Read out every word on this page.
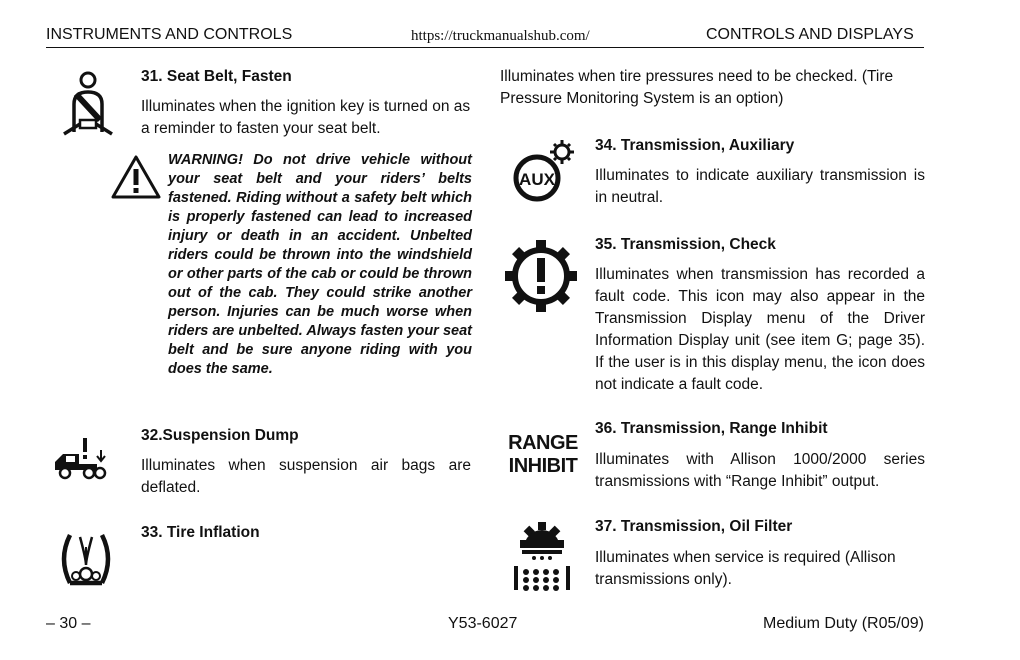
INSTRUMENTS AND CONTROLS	https://truckmanualshub.com/	CONTROLS AND DISPLAYS
31. Seat Belt, Fasten
Illuminates when the ignition key is turned on as a reminder to fasten your seat belt.
WARNING! Do not drive vehicle without your seat belt and your riders’ belts fastened. Riding without a safety belt which is properly fastened can lead to increased injury or death in an accident. Unbelted riders could be thrown into the windshield or other parts of the cab or could be thrown out of the cab. They could strike another person. Injuries can be much worse when riders are unbelted. Always fasten your seat belt and be sure anyone riding with you does the same.
32.Suspension Dump
Illuminates when suspension air bags are deflated.
33. Tire Inflation
Illuminates when tire pressures need to be checked. (Tire Pressure Monitoring System is an option)
AUX
34. Transmission, Auxiliary
Illuminates to indicate auxiliary transmission is in neutral.
35. Transmission, Check
Illuminates when transmission has recorded a fault code. This icon may also appear in the Transmission Display menu of the Driver Information Display unit (see item G; page 35). If the user is in this display menu, the icon does not indicate a fault code.
RANGE
INHIBIT
36. Transmission, Range Inhibit
Illuminates with Allison 1000/2000 series transmissions with “Range Inhibit” output.
37. Transmission, Oil Filter
Illuminates when service is required (Allison transmissions only).
– 30 –	Y53-6027	Medium Duty (R05/09)
